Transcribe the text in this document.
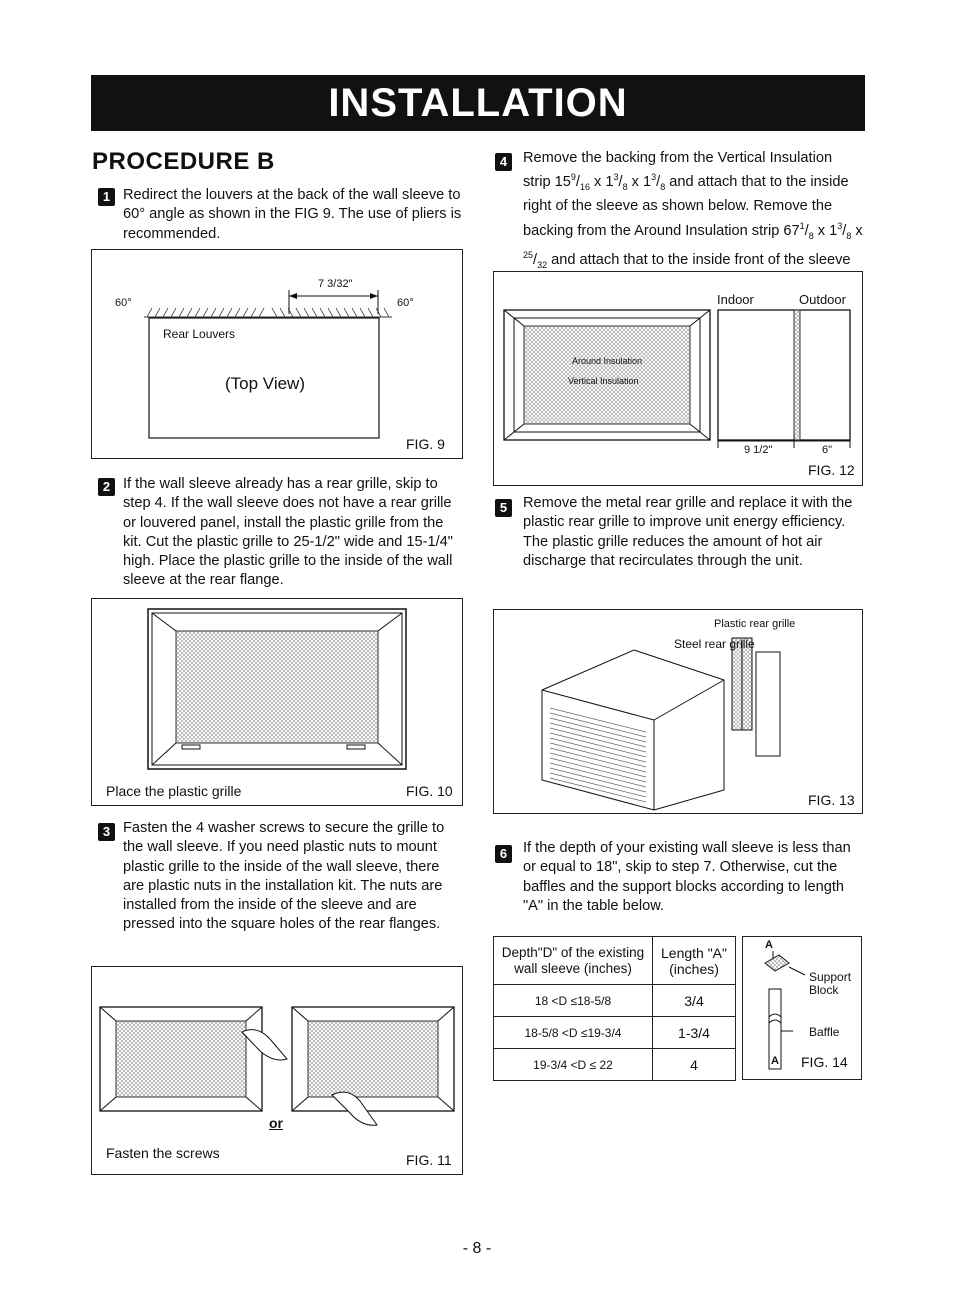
INSTALLATION
PROCEDURE B
1 Redirect the louvers at the back of the wall sleeve to 60° angle as shown in the FIG 9. The use of pliers is recommended.
60°	60°
7 3/32"
Rear Louvers
(Top View)
FIG. 9
2 If the wall sleeve already has a rear grille, skip to step 4. If the wall sleeve does not have a rear grille or louvered panel, install the plastic grille from the kit. Cut the plastic grille to 25-1/2" wide and 15-1/4" high. Place the plastic grille to the inside of the wall sleeve at the rear flange.
Place the plastic grille	FIG. 10
3 Fasten the 4 washer screws to secure the grille to the wall sleeve. If you need plastic nuts to mount plastic grille to the inside of the wall sleeve, there are plastic nuts in the installation kit. The nuts are installed from the inside of the sleeve and are pressed into the square holes of the rear flanges.
or
Fasten the screws	FIG. 11
4	Remove the backing from the Vertical Insulation strip $15^9/_{16}$ x $1^3/_8$ x $1^3/_8$ and attach that to the inside right of the sleeve as shown below. Remove the backing from the Around Insulation strip $67^1/_8$ x $1^3/_8$ x $^{25}/_{32}$ and attach that to the inside front of the sleeve
Indoor	Outdoor
Around Insulation
Vertical Insulation
9 1/2"	6"
FIG. 12
5	Remove the metal rear grille and replace it with the plastic rear grille to improve unit energy efficiency. The plastic grille reduces the amount of hot air discharge that recirculates through the unit.
Plastic rear grille
Steel rear grille
FIG. 13
6	If the depth of your existing wall sleeve is less than or equal to 18", skip to step 7. Otherwise, cut the baffles and the support blocks according to length "A" in the table below.
Depth"D" of the existing wall sleeve (inches)	Length "A" (inches)
18 <D ≤18-5/8	3/4
18-5/8 <D ≤19-3/4	1-3/4
19-3/4 <D ≤ 22	4
A
Support Block
Baffle
A FIG. 14
- 8 -
